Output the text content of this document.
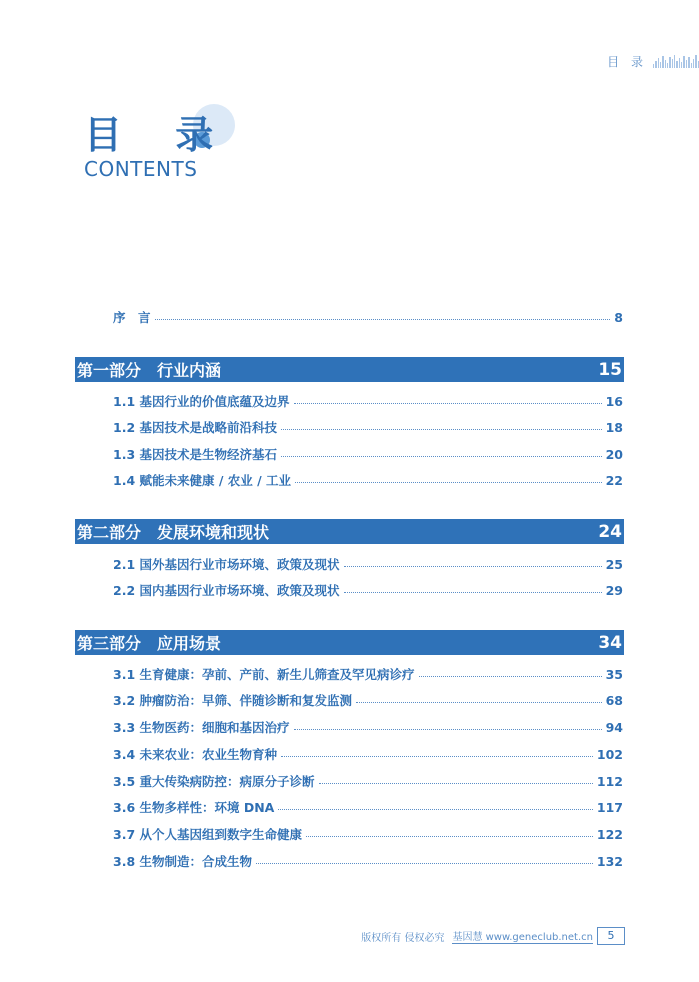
目 录
目 录
CONTENTS
序　言	8
第一部分　行业内涵	15
1.1 基因行业的价值底蕴及边界	16
1.2 基因技术是战略前沿科技	18
1.3 基因技术是生物经济基石	20
1.4 赋能未来健康 / 农业 / 工业	22
第二部分　发展环境和现状	24
2.1 国外基因行业市场环境、政策及现状	25
2.2 国内基因行业市场环境、政策及现状	29
第三部分　应用场景	34
3.1 生育健康：孕前、产前、新生儿筛查及罕见病诊疗	35
3.2 肿瘤防治：早筛、伴随诊断和复发监测	68
3.3 生物医药：细胞和基因治疗	94
3.4 未来农业：农业生物育种	102
3.5 重大传染病防控：病原分子诊断	112
3.6 生物多样性：环境 DNA	117
3.7 从个人基因组到数字生命健康	122
3.8 生物制造：合成生物	132
版权所有 侵权必究 基因慧 www.geneclub.net.cn	5
